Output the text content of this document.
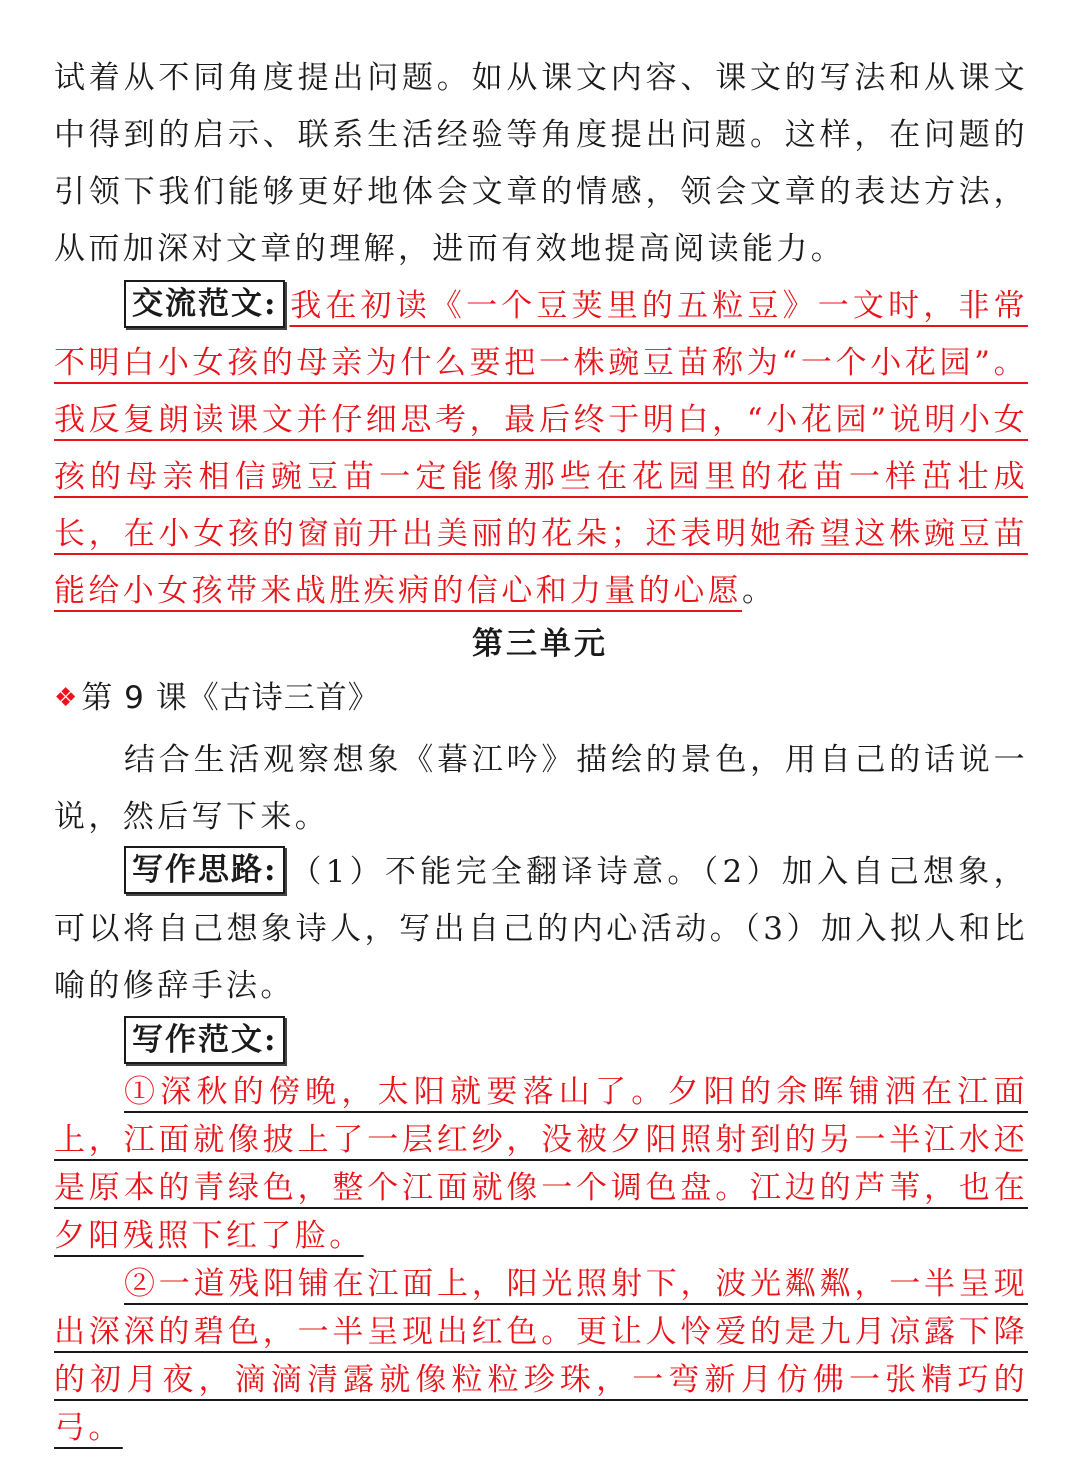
试着从不同角度提出问题。如从课文内容、课文的写法和从课文中得到的启示、联系生活经验等角度提出问题。这样，在问题的引领下我们能够更好地体会文章的情感，领会文章的表达方法，从而加深对文章的理解，进而有效地提高阅读能力。

交流范文: 我在初读《一个豆荚里的五粒豆》一文时，非常不明白小女孩的母亲为什么要把一株豌豆苗称为“一个小花园”。我反复朗读课文并仔细思考，最后终于明白，“小花园”说明小女孩的母亲相信豌豆苗一定能像那些在花园里的花苗一样茁壮成长，在小女孩的窗前开出美丽的花朵；还表明她希望这株豌豆苗能给小女孩带来战胜疾病的信心和力量的心愿。

第三单元
❖ 第 9 课《古诗三首》

结合生活观察想象《暮江吟》描绘的景色，用自己的话说一说，然后写下来。

写作思路: （1）不能完全翻译诗意。（2）加入自己想象，可以将自己想象诗人，写出自己的内心活动。（3）加入拟人和比喻的修辞手法。

写作范文:

①深秋的傍晚，太阳就要落山了。夕阳的余晖铺洒在江面上，江面就像披上了一层红纱，没被夕阳照射到的另一半江水还是原本的青绿色，整个江面就像一个调色盘。江边的芦苇，也在夕阳残照下红了脸。

②一道残阳铺在江面上，阳光照射下，波光粼粼，一半呈现出深深的碧色，一半呈现出红色。更让人怜爱的是九月凉露下降的初月夜，滴滴清露就像粒粒珍珠，一弯新月仿佛一张精巧的弓。
